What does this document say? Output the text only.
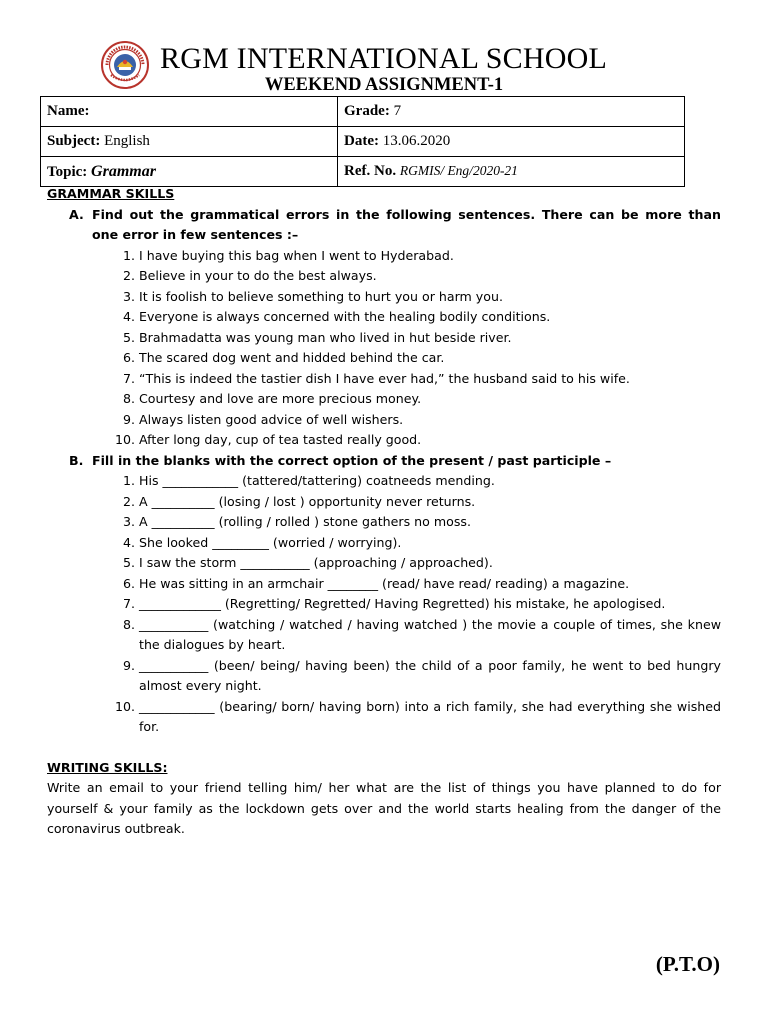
RGM INTERNATIONAL SCHOOL
WEEKEND ASSIGNMENT-1
Name:	Grade: 7
Subject: English	Date: 13.06.2020
Topic: Grammar	Ref. No. RGMIS/ Eng/2020-21
GRAMMAR SKILLS
A. Find out the grammatical errors in the following sentences. There can be more than one error in few sentences :–
1. I have buying this bag when I went to Hyderabad.
2. Believe in your to do the best always.
3. It is foolish to believe something to hurt you or harm you.
4. Everyone is always concerned with the healing bodily conditions.
5. Brahmadatta was young man who lived in hut beside river.
6. The scared dog went and hidded behind the car.
7. “This is indeed the tastier dish I have ever had,” the husband said to his wife.
8. Courtesy and love are more precious money.
9. Always listen good advice of well wishers.
10. After long day, cup of tea tasted really good.
B. Fill in the blanks with the correct option of the present / past participle –
1. His ____________ (tattered/tattering) coatneeds mending.
2. A __________ (losing / lost ) opportunity never returns.
3. A __________ (rolling / rolled ) stone gathers no moss.
4. She looked _________ (worried / worrying).
5. I saw the storm ___________ (approaching / approached).
6. He was sitting in an armchair ________ (read/ have read/ reading) a magazine.
7. _____________ (Regretting/ Regretted/ Having Regretted) his mistake, he apologised.
8. ___________ (watching / watched / having watched ) the movie a couple of times, she knew the dialogues by heart.
9. ___________ (been/ being/ having been) the child of a poor family, he went to bed hungry almost every night.
10. ____________ (bearing/ born/ having born) into a rich family, she had everything she wished for.
WRITING SKILLS:
Write an email to your friend telling him/ her what are the list of things you have planned to do for yourself & your family as the lockdown gets over and the world starts healing from the danger of the coronavirus outbreak.
(P.T.O)
